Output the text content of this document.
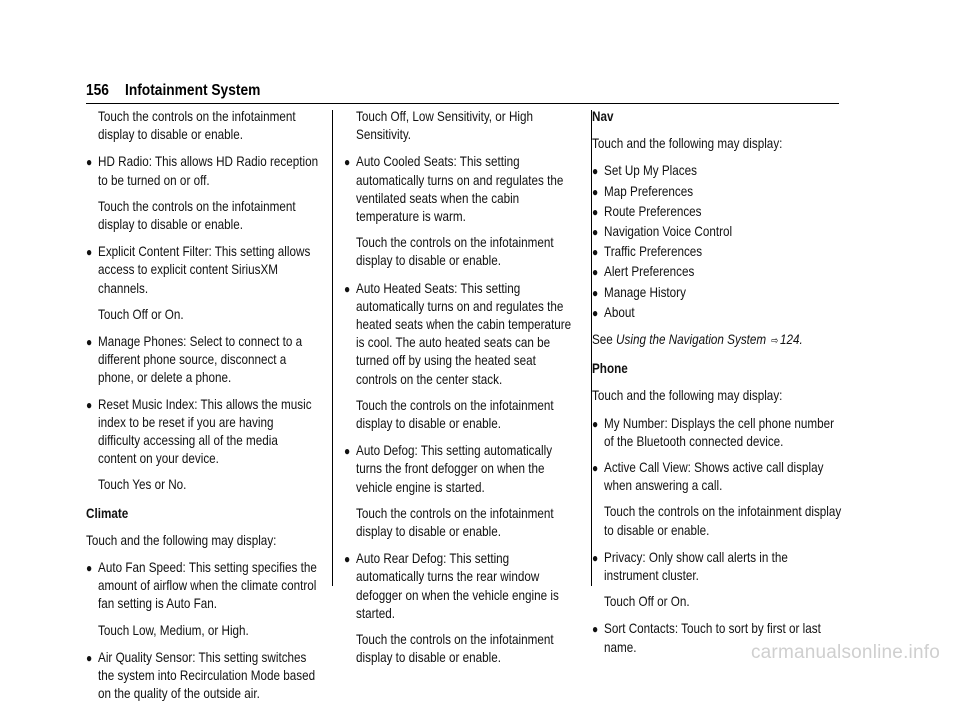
156 Infotainment System

Touch the controls on the infotainment display to disable or enable.

● HD Radio: This allows HD Radio reception to be turned on or off.

Touch the controls on the infotainment display to disable or enable.

● Explicit Content Filter: This setting allows access to explicit content SiriusXM channels.

Touch Off or On.

● Manage Phones: Select to connect to a different phone source, disconnect a phone, or delete a phone.
● Reset Music Index: This allows the music index to be reset if you are having difficulty accessing all of the media content on your device.

Touch Yes or No.

Climate

Touch and the following may display:

● Auto Fan Speed: This setting specifies the amount of airflow when the climate control fan setting is Auto Fan.

Touch Low, Medium, or High.

● Air Quality Sensor: This setting switches the system into Recirculation Mode based on the quality of the outside air.

Touch Off, Low Sensitivity, or High Sensitivity.

● Auto Cooled Seats: This setting automatically turns on and regulates the ventilated seats when the cabin temperature is warm.

Touch the controls on the infotainment display to disable or enable.

● Auto Heated Seats: This setting automatically turns on and regulates the heated seats when the cabin temperature is cool. The auto heated seats can be turned off by using the heated seat controls on the center stack.

Touch the controls on the infotainment display to disable or enable.

● Auto Defog: This setting automatically turns the front defogger on when the vehicle engine is started.

Touch the controls on the infotainment display to disable or enable.

● Auto Rear Defog: This setting automatically turns the rear window defogger on when the vehicle engine is started.

Touch the controls on the infotainment display to disable or enable.

Nav

Touch and the following may display:

● Set Up My Places
● Map Preferences
● Route Preferences
● Navigation Voice Control
● Traffic Preferences
● Alert Preferences
● Manage History
● About

See Using the Navigation System ⇨ 124.

Phone

Touch and the following may display:

● My Number: Displays the cell phone number of the Bluetooth connected device.
● Active Call View: Shows active call display when answering a call.

Touch the controls on the infotainment display to disable or enable.

● Privacy: Only show call alerts in the instrument cluster.

Touch Off or On.

● Sort Contacts: Touch to sort by first or last name.	carmanualsonline.info
